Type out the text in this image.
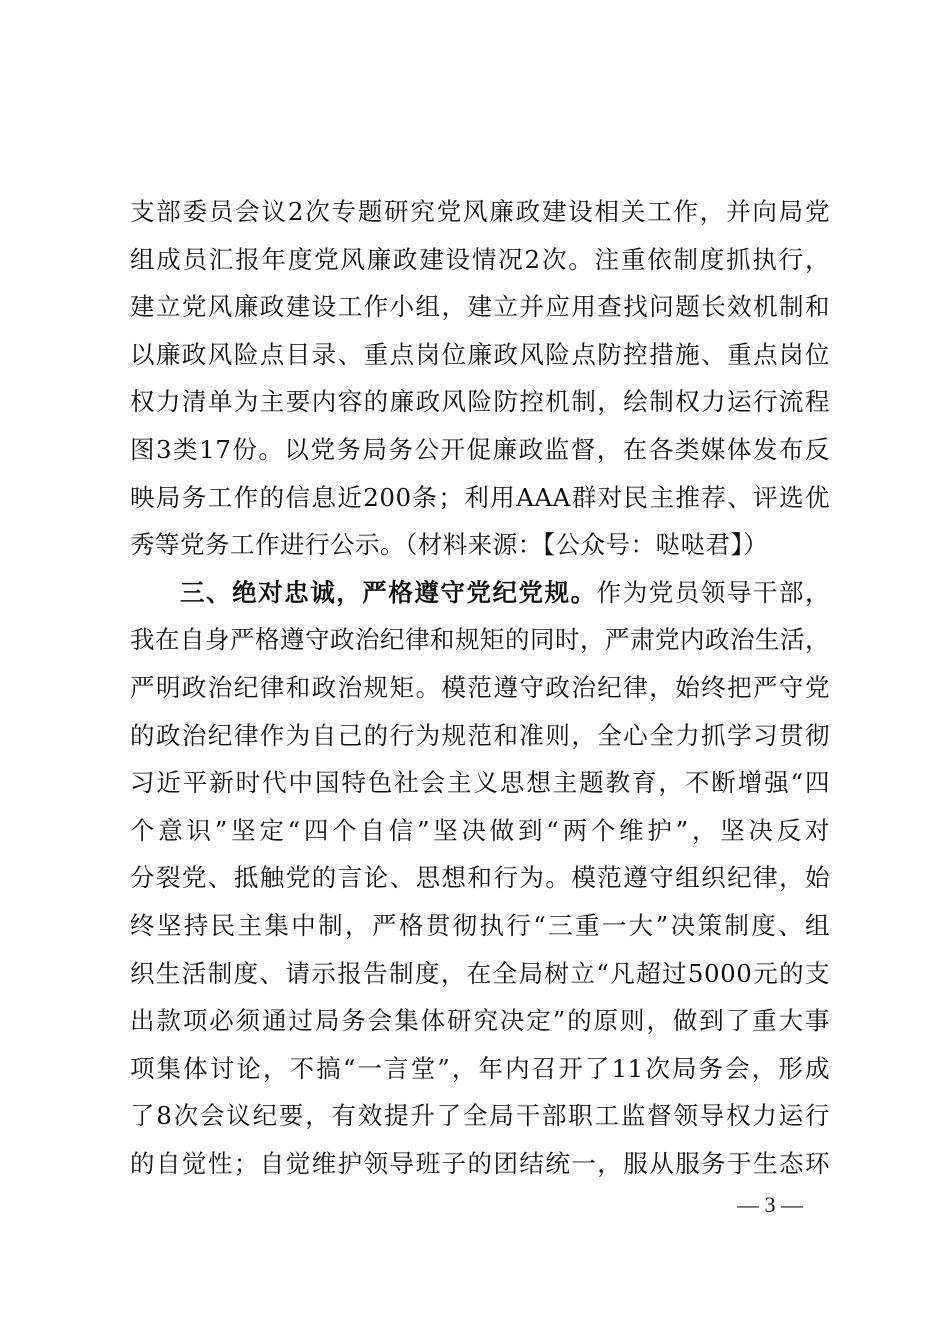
支部委员会议2次专题研究党风廉政建设相关工作，并向局党
组成员汇报年度党风廉政建设情况2次。注重依制度抓执行，
建立党风廉政建设工作小组，建立并应用查找问题长效机制和
以廉政风险点目录、重点岗位廉政风险点防控措施、重点岗位
权力清单为主要内容的廉政风险防控机制，绘制权力运行流程
图3类17份。以党务局务公开促廉政监督，在各类媒体发布反
映局务工作的信息近200条；利用AAA群对民主推荐、评选优
秀等党务工作进行公示。（材料来源：【公众号：哒哒君】）
三、绝对忠诚，严格遵守党纪党规。作为党员领导干部，
我在自身严格遵守政治纪律和规矩的同时，严肃党内政治生活，
严明政治纪律和政治规矩。模范遵守政治纪律，始终把严守党
的政治纪律作为自己的行为规范和准则，全心全力抓学习贯彻
习近平新时代中国特色社会主义思想主题教育，不断增强“四
个意识”坚定“四个自信”坚决做到“两个维护”，坚决反对
分裂党、抵触党的言论、思想和行为。模范遵守组织纪律，始
终坚持民主集中制，严格贯彻执行“三重一大”决策制度、组
织生活制度、请示报告制度，在全局树立“凡超过5000元的支
出款项必须通过局务会集体研究决定”的原则，做到了重大事
项集体讨论，不搞“一言堂”，年内召开了11次局务会，形成
了8次会议纪要，有效提升了全局干部职工监督领导权力运行
的自觉性；自觉维护领导班子的团结统一，服从服务于生态环
— 3 —
